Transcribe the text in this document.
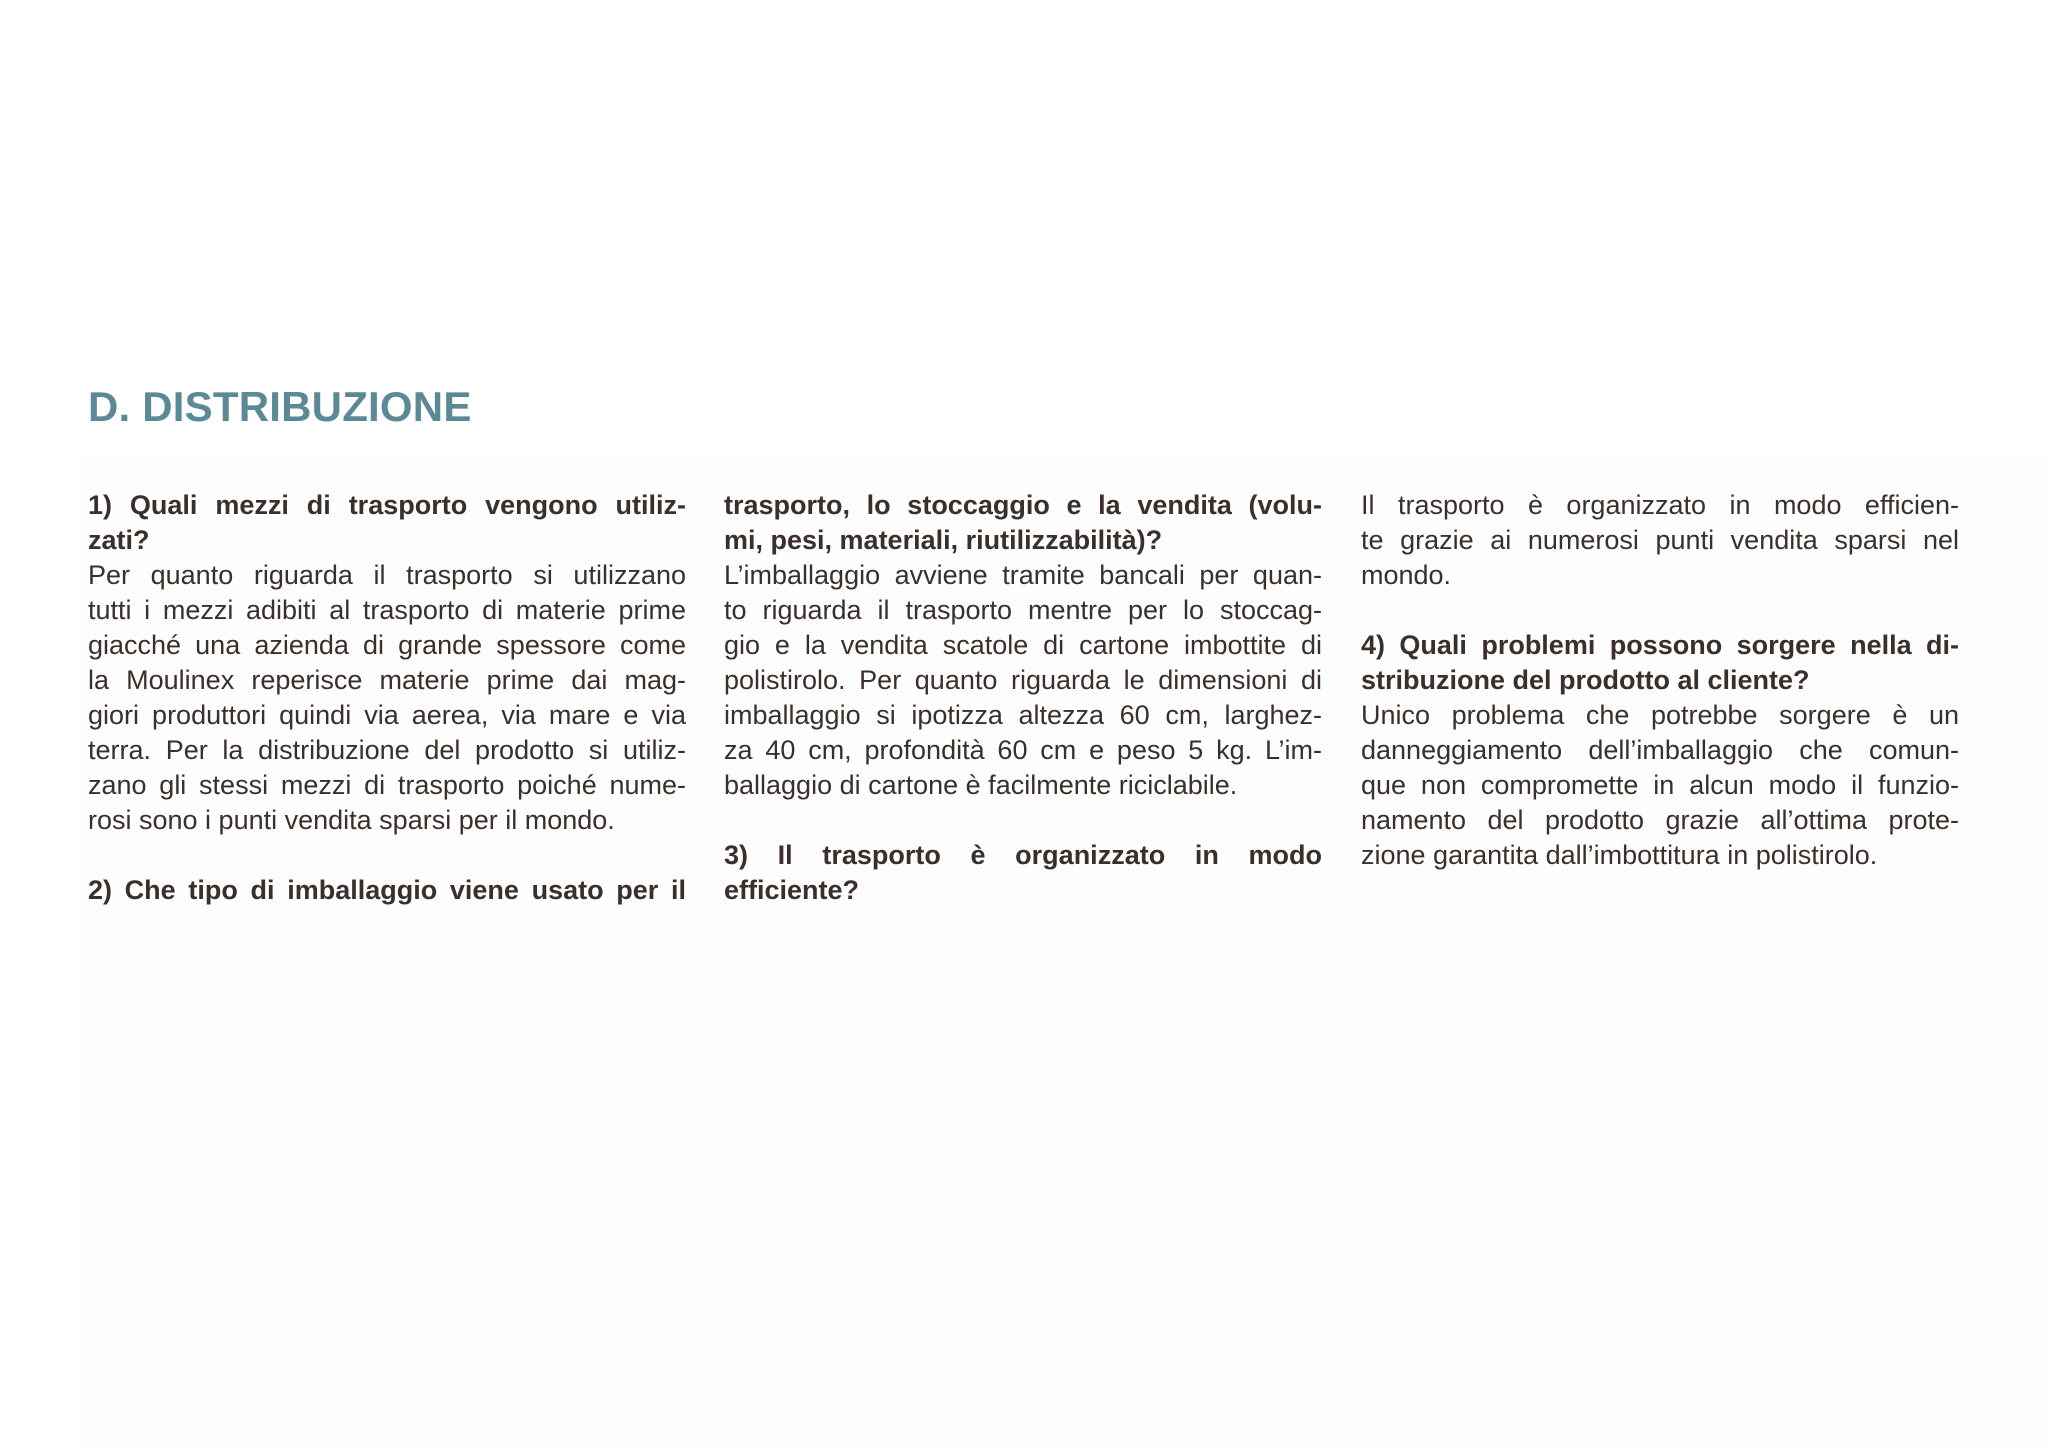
D. DISTRIBUZIONE
1) Quali mezzi di trasporto vengono utiliz-
zati?
Per quanto riguarda il trasporto si utilizzano
tutti i mezzi adibiti al trasporto di materie prime
giacché una azienda di grande spessore come
la Moulinex reperisce materie prime dai mag-
giori produttori quindi via aerea, via mare e via
terra. Per la distribuzione del prodotto si utiliz-
zano gli stessi mezzi di trasporto poiché nume-
rosi sono i punti vendita sparsi per il mondo.
2) Che tipo di imballaggio viene usato per il
trasporto, lo stoccaggio e la vendita (volu-
mi, pesi, materiali, riutilizzabilità)?
L’imballaggio avviene tramite bancali per quan-
to riguarda il trasporto mentre per lo stoccag-
gio e la vendita scatole di cartone imbottite di
polistirolo. Per quanto riguarda le dimensioni di
imballaggio si ipotizza altezza 60 cm, larghez-
za 40 cm, profondità 60 cm e peso 5 kg. L’im-
ballaggio di cartone è facilmente riciclabile.
3) Il trasporto è organizzato in modo
efficiente?
Il trasporto è organizzato in modo efficien-
te grazie ai numerosi punti vendita sparsi nel
mondo.
4) Quali problemi possono sorgere nella di-
stribuzione del prodotto al cliente?
Unico problema che potrebbe sorgere è un
danneggiamento dell’imballaggio che comun-
que non compromette in alcun modo il funzio-
namento del prodotto grazie all’ottima prote-
zione garantita dall’imbottitura in polistirolo.
